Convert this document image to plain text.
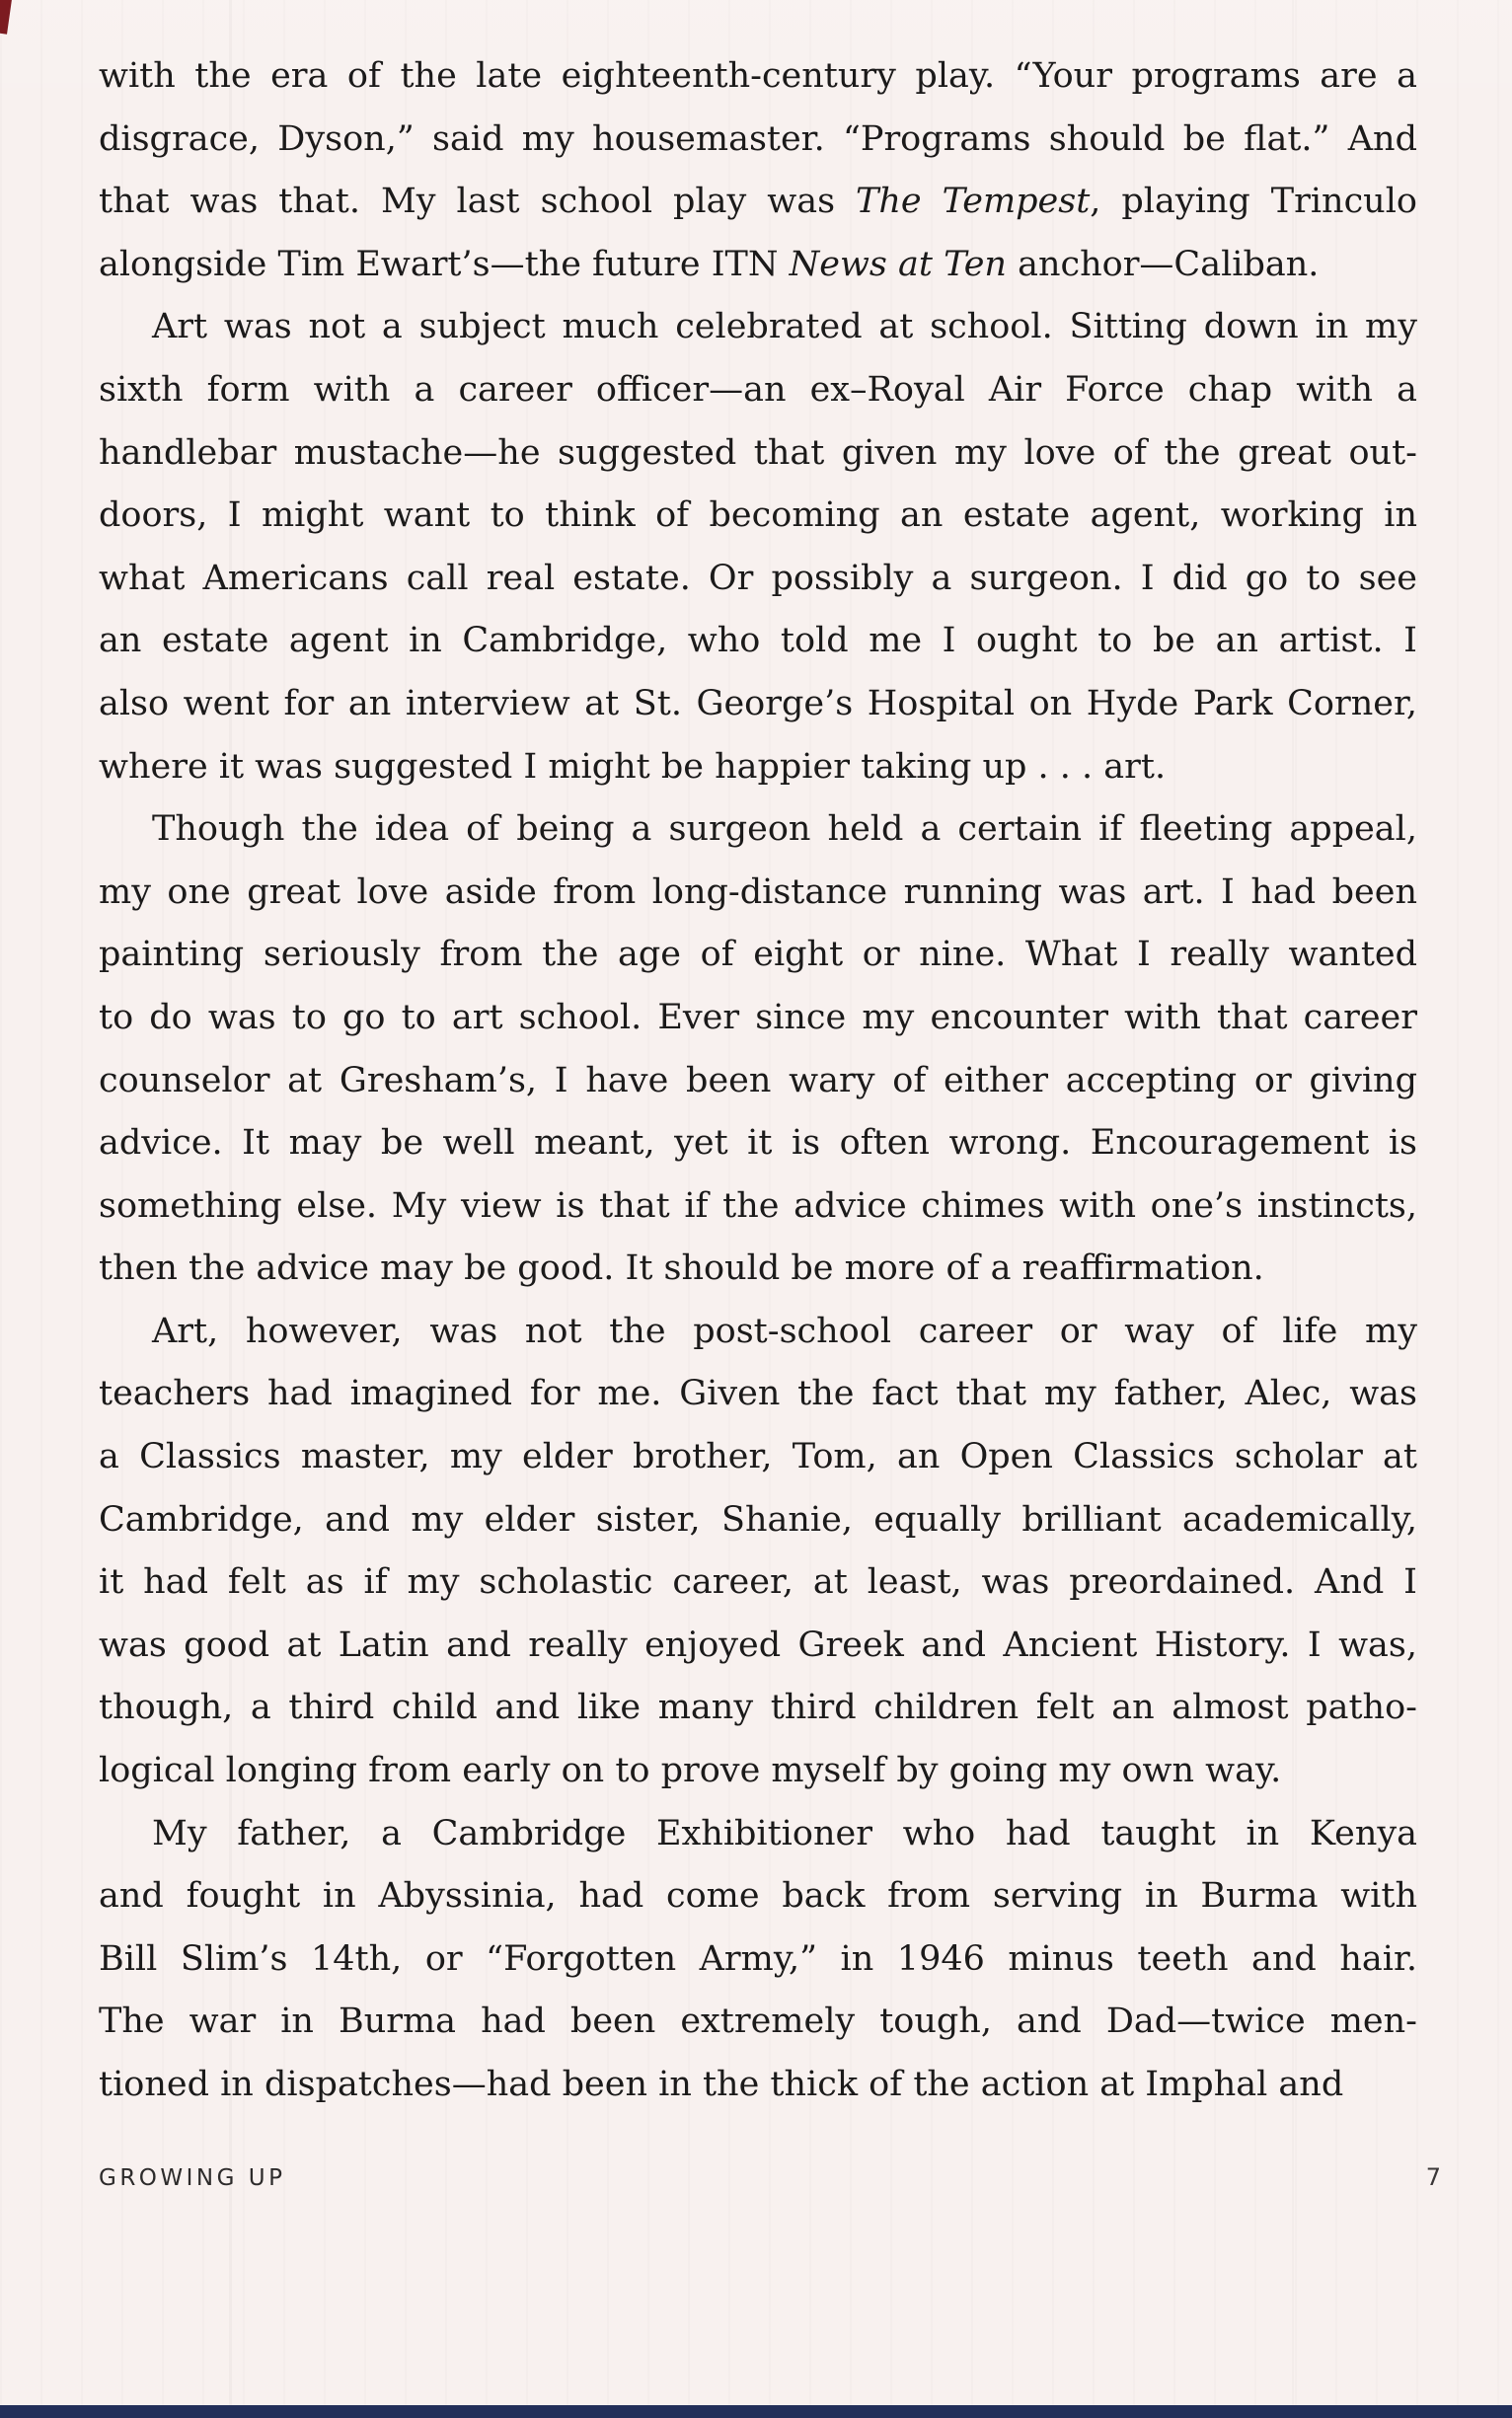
with the era of the late eighteenth-century play. “Your programs are a
disgrace, Dyson,” said my housemaster. “Programs should be flat.” And
that was that. My last school play was The Tempest, playing Trinculo
alongside Tim Ewart’s—the future ITN News at Ten anchor—Caliban.
Art was not a subject much celebrated at school. Sitting down in my
sixth form with a career officer—an ex–Royal Air Force chap with a
handlebar mustache—he suggested that given my love of the great out-
doors, I might want to think of becoming an estate agent, working in
what Americans call real estate. Or possibly a surgeon. I did go to see
an estate agent in Cambridge, who told me I ought to be an artist. I
also went for an interview at St. George’s Hospital on Hyde Park Corner,
where it was suggested I might be happier taking up . . . art.
Though the idea of being a surgeon held a certain if fleeting appeal,
my one great love aside from long-distance running was art. I had been
painting seriously from the age of eight or nine. What I really wanted
to do was to go to art school. Ever since my encounter with that career
counselor at Gresham’s, I have been wary of either accepting or giving
advice. It may be well meant, yet it is often wrong. Encouragement is
something else. My view is that if the advice chimes with one’s instincts,
then the advice may be good. It should be more of a reaffirmation.
Art, however, was not the post-school career or way of life my
teachers had imagined for me. Given the fact that my father, Alec, was
a Classics master, my elder brother, Tom, an Open Classics scholar at
Cambridge, and my elder sister, Shanie, equally brilliant academically,
it had felt as if my scholastic career, at least, was preordained. And I
was good at Latin and really enjoyed Greek and Ancient History. I was,
though, a third child and like many third children felt an almost patho-
logical longing from early on to prove myself by going my own way.
My father, a Cambridge Exhibitioner who had taught in Kenya
and fought in Abyssinia, had come back from serving in Burma with
Bill Slim’s 14th, or “Forgotten Army,” in 1946 minus teeth and hair.
The war in Burma had been extremely tough, and Dad—twice men-
tioned in dispatches—had been in the thick of the action at Imphal and
GROWING UP	7
